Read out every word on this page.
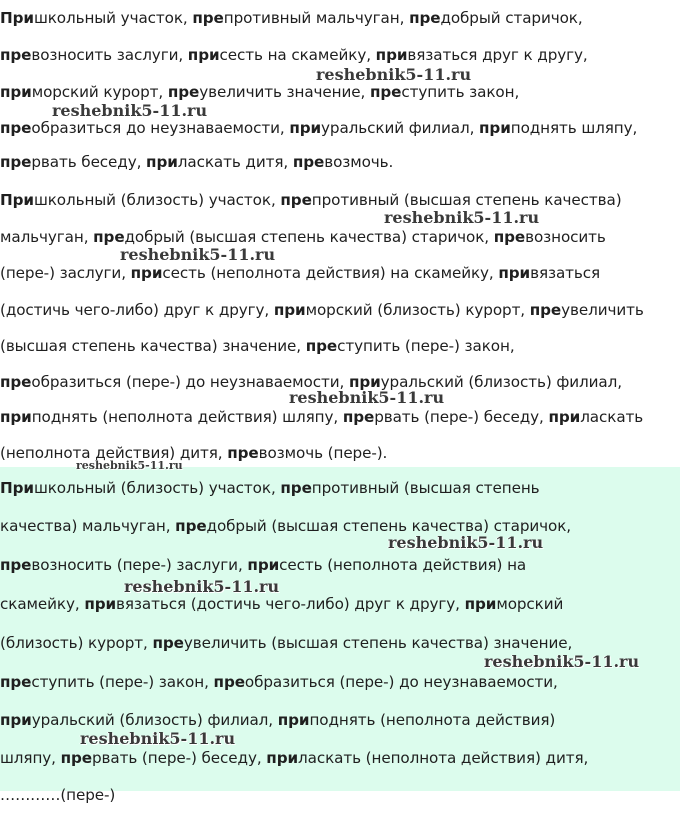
Пришкольный участок, препротивный мальчуган, предобрый старичок,
превозносить заслуги, присесть на скамейку, привязаться друг к другу,
приморский курорт, преувеличить значение, преступить закон,
преобразиться до неузнаваемости, приуральский филиал, приподнять шляпу,
прервать беседу, приласкать дитя, превозмочь.
Пришкольный (близость) участок, препротивный (высшая степень качества)
мальчуган, предобрый (высшая степень качества) старичок, превозносить
(пере-) заслуги, присесть (неполнота действия) на скамейку, привязаться
(достичь чего-либо) друг к другу, приморский (близость) курорт, преувеличить
(высшая степень качества) значение, преступить (пере-) закон,
преобразиться (пере-) до неузнаваемости, приуральский (близость) филиал,
приподнять (неполнота действия) шляпу, прервать (пере-) беседу, приласкать
(неполнота действия) дитя, превозмочь (пере-).
Пришкольный (близость) участок, препротивный (высшая степень
качества) мальчуган, предобрый (высшая степень качества) старичок,
превозносить (пере-) заслуги, присесть (неполнота действия) на
скамейку, привязаться (достичь чего-либо) друг к другу, приморский
(близость) курорт, преувеличить (высшая степень качества) значение,
преступить (пере-) закон, преобразиться (пере-) до неузнаваемости,
приуральский (близость) филиал, приподнять (неполнота действия)
шляпу, прервать (пере-) беседу, приласкать (неполнота действия) дитя,
…………(пере-)
reshebnik5-11.ru
reshebnik5-11.ru
reshebnik5-11.ru
reshebnik5-11.ru
reshebnik5-11.ru
reshebnik5-11.ru
reshebnik5-11.ru
reshebnik5-11.ru
reshebnik5-11.ru
reshebnik5-11.ru
